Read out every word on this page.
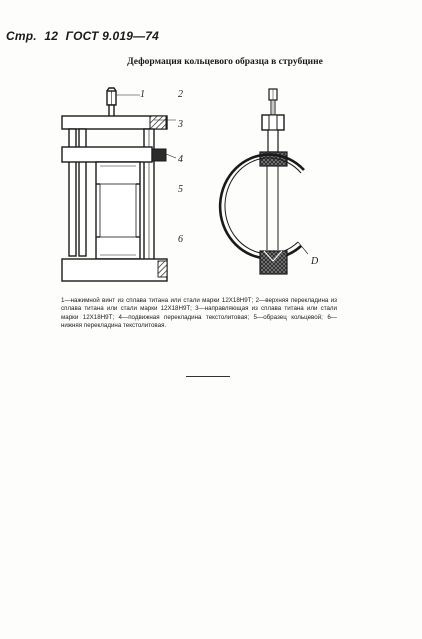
Стр. 12 ГОСТ 9.019—74
Деформация кольцевого образца в струбцине
1	2
3
4
5
6
D
1—нажимной винт из сплава титана или стали марки 12Х18Н9Т; 2—верхняя перекладина из сплава титана или стали марки 12Х18Н9Т; 3—направляющая из сплава титана или стали марки 12Х18Н9Т; 4—подвижная перекладина текстолитовая; 5—образец кольцевой; 6—нижняя перекладина текстолитовая.
